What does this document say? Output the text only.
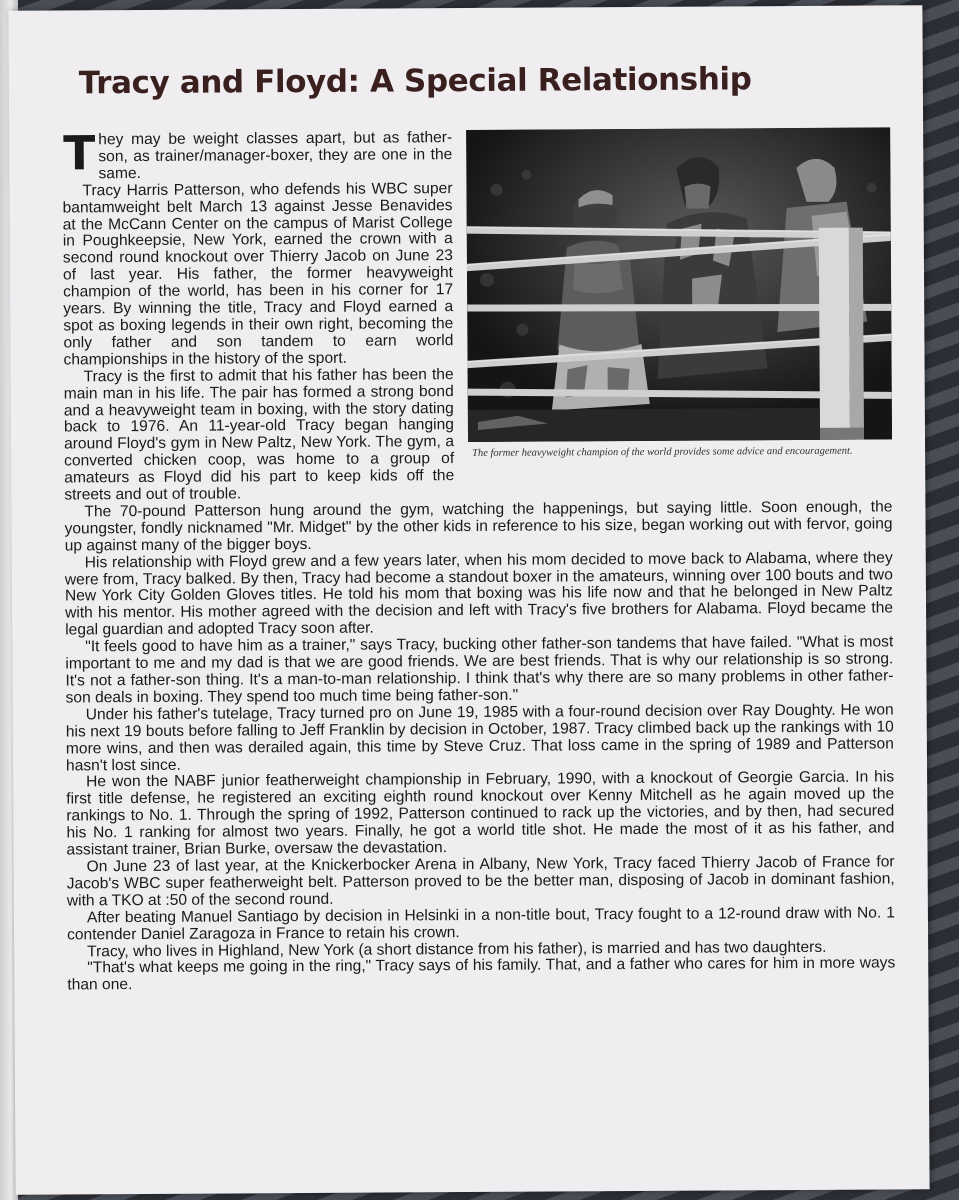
Tracy and Floyd: A Special Relationship
The former heavyweight champion of the world provides some advice and encouragement.

They may be weight classes apart, but as father-son, as trainer/manager-boxer, they are one in the same.

Tracy Harris Patterson, who defends his WBC super bantamweight belt March 13 against Jesse Benavides at the McCann Center on the campus of Marist College in Poughkeepsie, New York, earned the crown with a second round knockout over Thierry Jacob on June 23 of last year. His father, the former heavyweight champion of the world, has been in his corner for 17 years. By winning the title, Tracy and Floyd earned a spot as boxing legends in their own right, becoming the only father and son tandem to earn world championships in the history of the sport.

Tracy is the first to admit that his father has been the main man in his life. The pair has formed a strong bond and a heavyweight team in boxing, with the story dating back to 1976. An 11-year-old Tracy began hanging around Floyd's gym in New Paltz, New York. The gym, a converted chicken coop, was home to a group of amateurs as Floyd did his part to keep kids off the streets and out of trouble.

The 70-pound Patterson hung around the gym, watching the happenings, but saying little. Soon enough, the youngster, fondly nicknamed "Mr. Midget" by the other kids in reference to his size, began working out with fervor, going up against many of the bigger boys.

His relationship with Floyd grew and a few years later, when his mom decided to move back to Alabama, where they were from, Tracy balked. By then, Tracy had become a standout boxer in the amateurs, winning over 100 bouts and two New York City Golden Gloves titles. He told his mom that boxing was his life now and that he belonged in New Paltz with his mentor. His mother agreed with the decision and left with Tracy's five brothers for Alabama. Floyd became the legal guardian and adopted Tracy soon after.

"It feels good to have him as a trainer," says Tracy, bucking other father-son tandems that have failed. "What is most important to me and my dad is that we are good friends. We are best friends. That is why our relationship is so strong. It's not a father-son thing. It's a man-to-man relationship. I think that's why there are so many problems in other father-son deals in boxing. They spend too much time being father-son."

Under his father's tutelage, Tracy turned pro on June 19, 1985 with a four-round decision over Ray Doughty. He won his next 19 bouts before falling to Jeff Franklin by decision in October, 1987. Tracy climbed back up the rankings with 10 more wins, and then was derailed again, this time by Steve Cruz. That loss came in the spring of 1989 and Patterson hasn't lost since.

He won the NABF junior featherweight championship in February, 1990, with a knockout of Georgie Garcia. In his first title defense, he registered an exciting eighth round knockout over Kenny Mitchell as he again moved up the rankings to No. 1. Through the spring of 1992, Patterson continued to rack up the victories, and by then, had secured his No. 1 ranking for almost two years. Finally, he got a world title shot. He made the most of it as his father, and assistant trainer, Brian Burke, oversaw the devastation.

On June 23 of last year, at the Knickerbocker Arena in Albany, New York, Tracy faced Thierry Jacob of France for Jacob's WBC super featherweight belt. Patterson proved to be the better man, disposing of Jacob in dominant fashion, with a TKO at :50 of the second round.

After beating Manuel Santiago by decision in Helsinki in a non-title bout, Tracy fought to a 12-round draw with No. 1 contender Daniel Zaragoza in France to retain his crown.

Tracy, who lives in Highland, New York (a short distance from his father), is married and has two daughters.

"That's what keeps me going in the ring," Tracy says of his family. That, and a father who cares for him in more ways than one.
